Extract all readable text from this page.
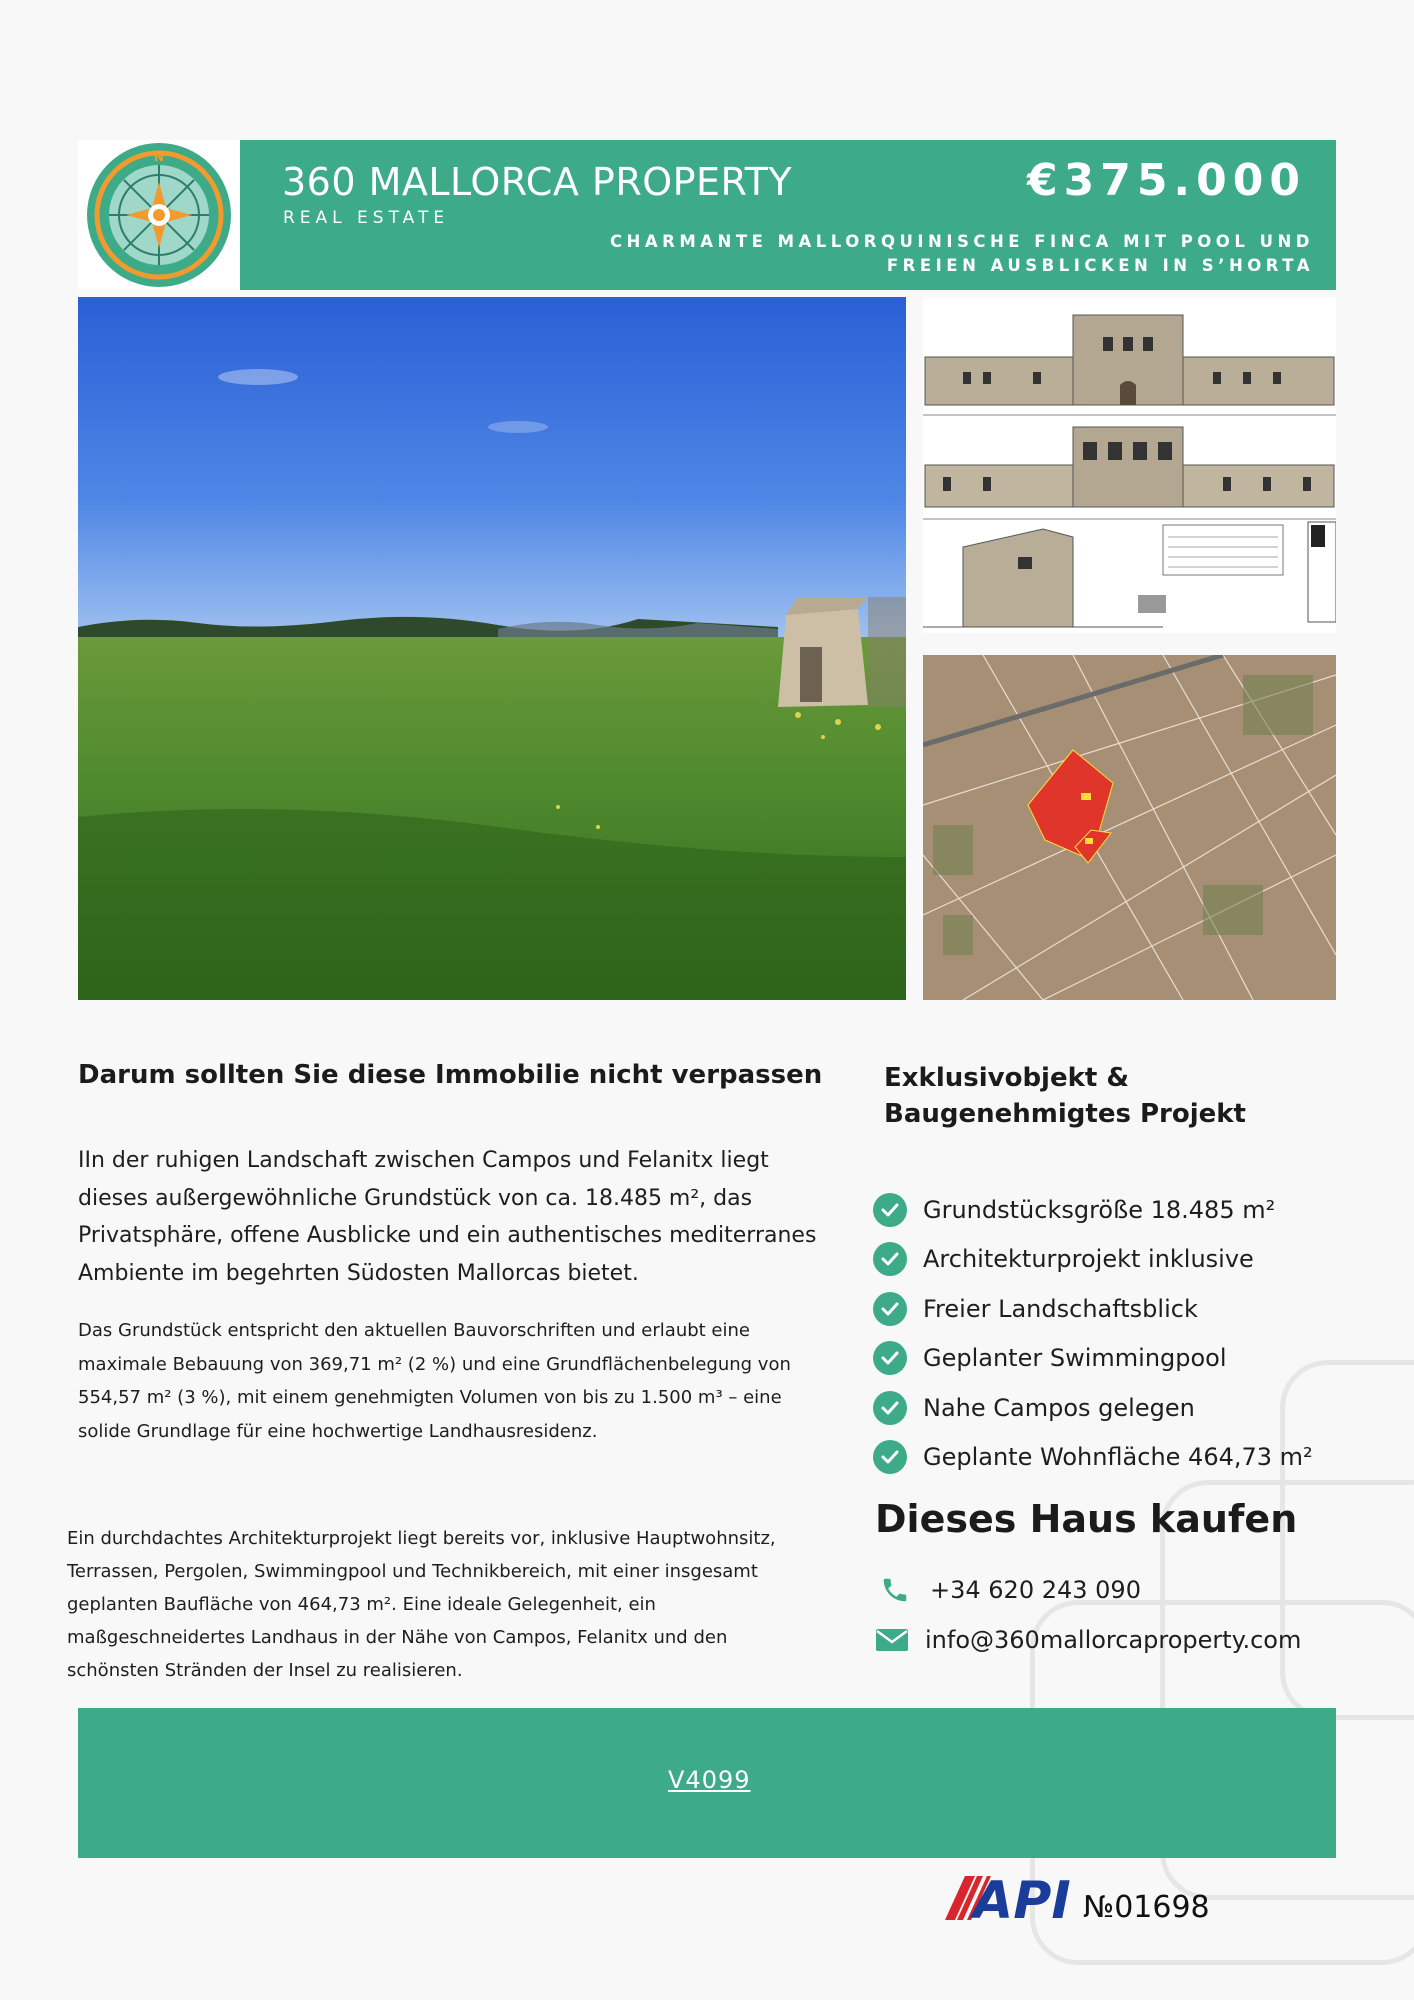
N
360 MALLORCA PROPERTY
REAL ESTATE
€375.000
CHARMANTE MALLORQUINISCHE FINCA MIT POOL UND FREIEN AUSBLICKEN IN S’HORTA
Darum sollten Sie diese Immobilie nicht verpassen
IIn der ruhigen Landschaft zwischen Campos und Felanitx liegt dieses außergewöhnliche Grundstück von ca. 18.485 m², das Privatsphäre, offene Ausblicke und ein authentisches mediterranes Ambiente im begehrten Südosten Mallorcas bietet.
Das Grundstück entspricht den aktuellen Bauvorschriften und erlaubt eine maximale Bebauung von 369,71 m² (2 %) und eine Grundflächenbelegung von 554,57 m² (3 %), mit einem genehmigten Volumen von bis zu 1.500 m³ – eine solide Grundlage für eine hochwertige Landhausresidenz.
Ein durchdachtes Architekturprojekt liegt bereits vor, inklusive Hauptwohnsitz, Terrassen, Pergolen, Swimmingpool und Technikbereich, mit einer insgesamt geplanten Baufläche von 464,73 m². Eine ideale Gelegenheit, ein maßgeschneidertes Landhaus in der Nähe von Campos, Felanitx und den schönsten Stränden der Insel zu realisieren.
Exklusivobjekt & Baugenehmigtes Projekt
Grundstücksgröße 18.485 m²
Architekturprojekt inklusive
Freier Landschaftsblick
Geplanter Swimmingpool
Nahe Campos gelegen
Geplante Wohnfläche 464,73 m²
Dieses Haus kaufen
+34 620 243 090
info@360mallorcaproperty.com
V4099
API №01698
